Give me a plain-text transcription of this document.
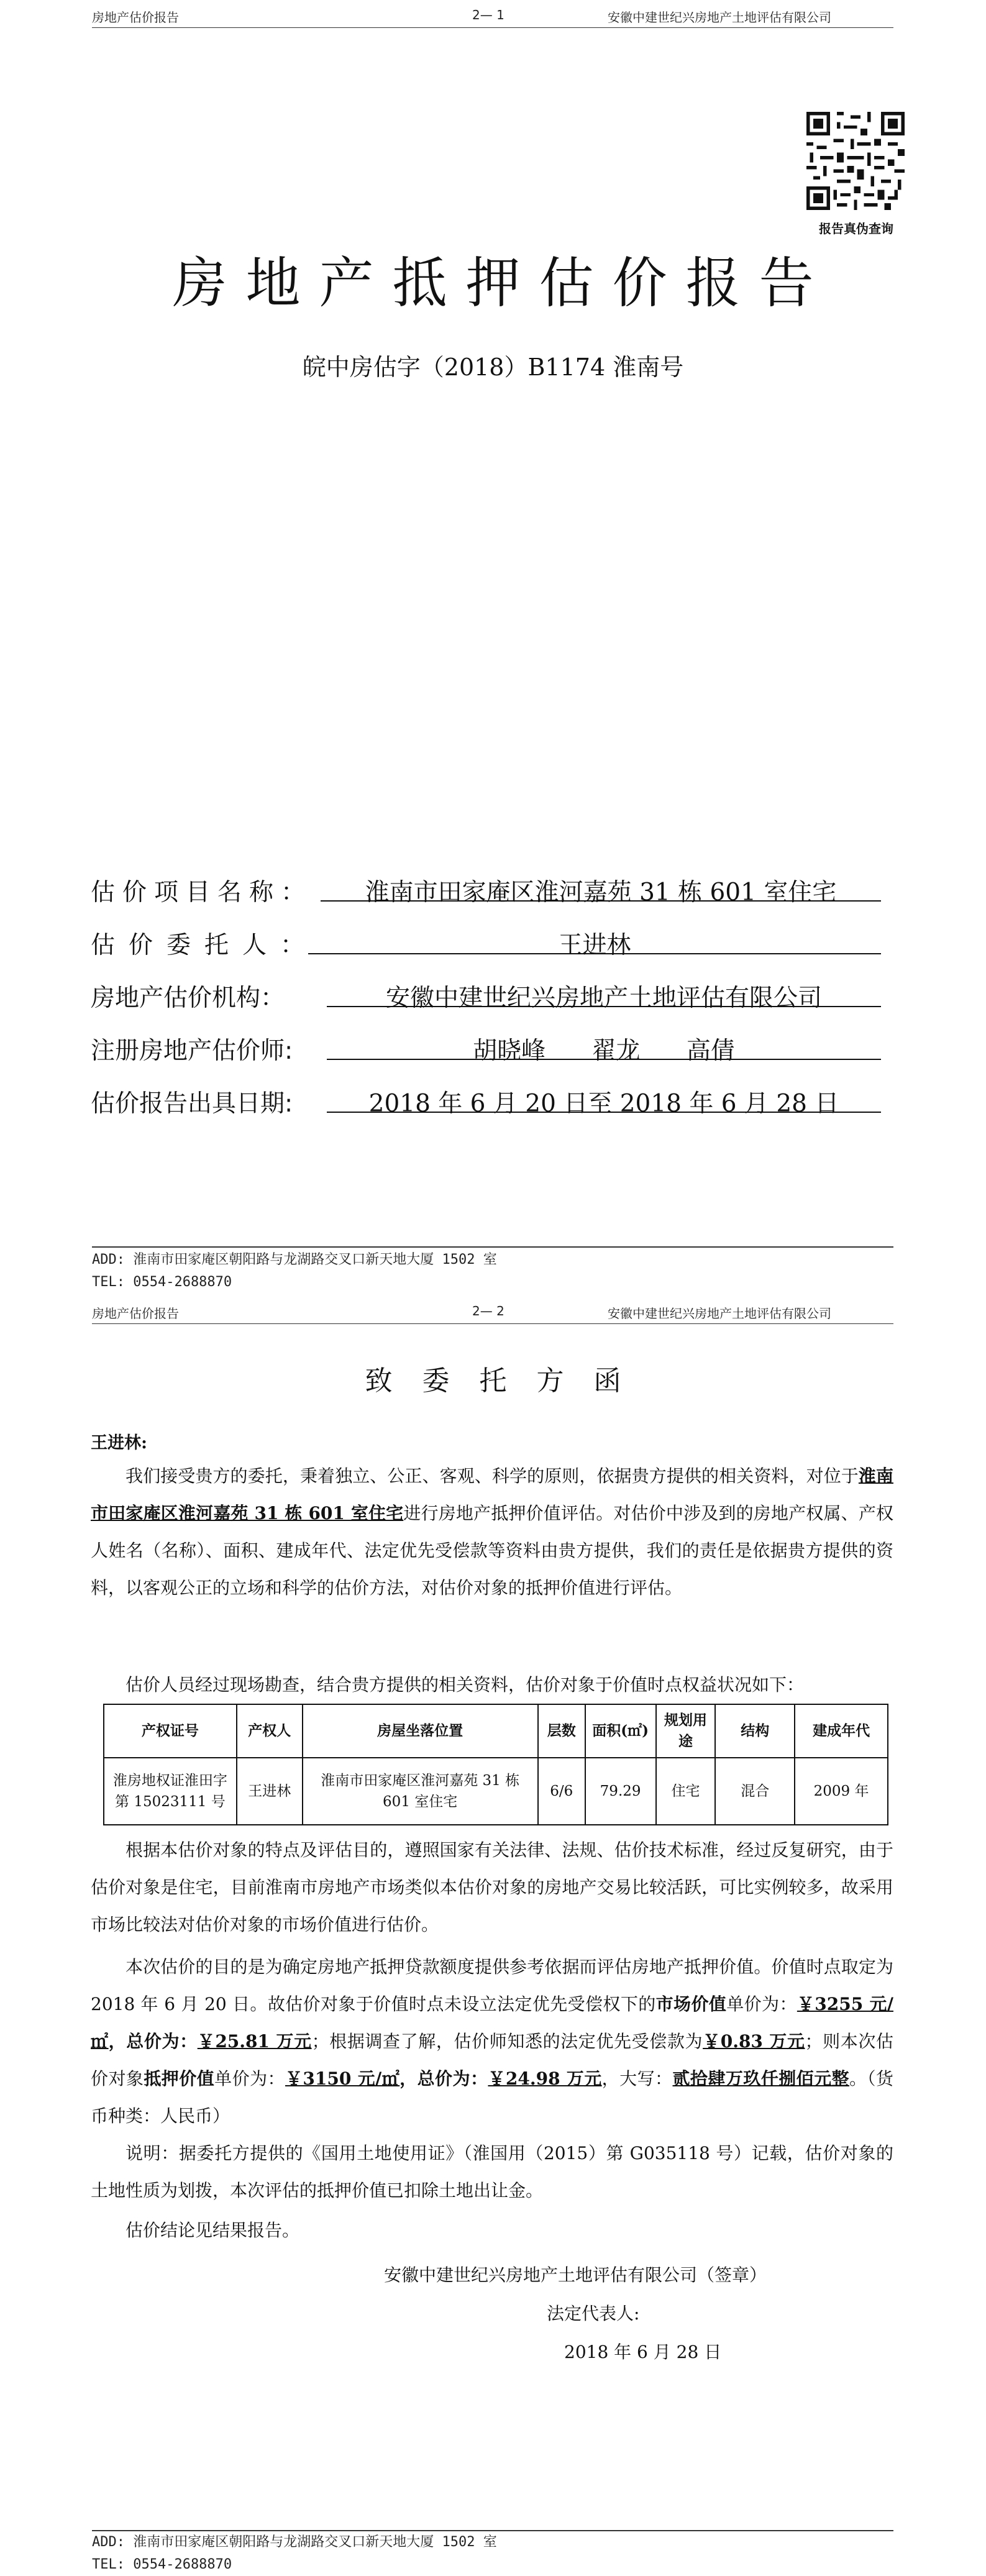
房地产估价报告	2— 1	安徽中建世纪兴房地产土地评估有限公司
报告真伪查询
房地产抵押估价报告
皖中房估字（2018）B1174 淮南号
估价项目名称：	淮南市田家庵区淮河嘉苑 31 栋 601 室住宅
估价委托人：	王进林
房地产估价机构：	安徽中建世纪兴房地产土地评估有限公司
注册房地产估价师:	胡晓峰      翟龙      高倩
估价报告出具日期:	2018 年 6 月 20 日至 2018 年 6 月 28 日
ADD: 淮南市田家庵区朝阳路与龙湖路交叉口新天地大厦 1502 室
TEL: 0554-2688870
房地产估价报告	2— 2	安徽中建世纪兴房地产土地评估有限公司
致委托方函
王进林:

我们接受贵方的委托，秉着独立、公正、客观、科学的原则，依据贵方提供的相关资料，对位于淮南市田家庵区淮河嘉苑 31 栋 601 室住宅进行房地产抵押价值评估。对估价中涉及到的房地产权属、产权人姓名（名称）、面积、建成年代、法定优先受偿款等资料由贵方提供，我们的责任是依据贵方提供的资料，以客观公正的立场和科学的估价方法，对估价对象的抵押价值进行评估。

估价人员经过现场勘查，结合贵方提供的相关资料，估价对象于价值时点权益状况如下：

产权证号	产权人	房屋坐落位置	层数	面积(㎡)	规划用途	结构	建成年代
淮房地权证淮田字第 15023111 号	王进林	淮南市田家庵区淮河嘉苑 31 栋 601 室住宅	6/6	79.29	住宅	混合	2009 年

根据本估价对象的特点及评估目的，遵照国家有关法律、法规、估价技术标准，经过反复研究，由于估价对象是住宅，目前淮南市房地产市场类似本估价对象的房地产交易比较活跃，可比实例较多，故采用市场比较法对估价对象的市场价值进行估价。

本次估价的目的是为确定房地产抵押贷款额度提供参考依据而评估房地产抵押价值。价值时点取定为 2018 年 6 月 20 日。故估价对象于价值时点未设立法定优先受偿权下的市场价值单价为：￥3255 元/㎡，总价为：￥25.81 万元；根据调查了解，估价师知悉的法定优先受偿款为￥0.83 万元；则本次估价对象抵押价值单价为：￥3150 元/㎡，总价为：￥24.98 万元，大写：贰拾肆万玖仟捌佰元整。（货币种类：人民币）

说明：据委托方提供的《国用土地使用证》（淮国用（2015）第 G035118 号）记载，估价对象的土地性质为划拨，本次评估的抵押价值已扣除土地出让金。

估价结论见结果报告。

安徽中建世纪兴房地产土地评估有限公司（签章）
法定代表人:
2018 年 6 月 28 日
ADD: 淮南市田家庵区朝阳路与龙湖路交叉口新天地大厦 1502 室
TEL: 0554-2688870
